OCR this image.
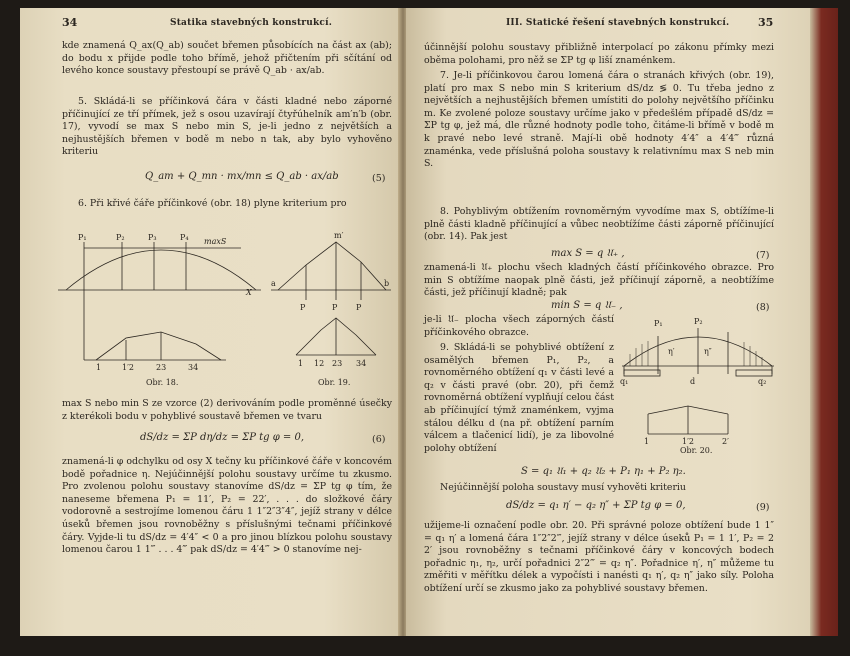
34	Statika stavebných konstrukcí.
kde znamená Q_ax(Q_ab) součet břemen působících na část ax (ab); do bodu x přijde podle toho břímě, jehož přičtením při sčítání od levého konce soustavy přestoupí se právě Q_ab · ax/ab.
5. Skládá-li se příčinková čára v části kladné nebo záporné příčinující ze tří přímek, jež s osou uzavírají čtyřúhelník am′n′b (obr. 17), vyvodí se max S nebo min S, je-li jedno z největších a nejhustějších břemen v bodě m nebo n tak, aby bylo vyhověno kriteriu
Q_am + Q_mn · mx/mn ≤ Q_ab · ax/ab	(5)
6. Při křivé čáře příčinkové (obr. 18) plyne kriterium pro
P₁	P₂	P₃	P₄ maxS
X
1	1′2	23	34
Obr. 18.
a
m′
b
P	P P
1 12 23 34
Obr. 19.
max S nebo min S ze vzorce (2) derivováním podle proměnné úsečky z kterékoli bodu v pohyblivé soustavě břemen ve tvaru
dS/dz = ΣP dη/dz = ΣP tg φ = 0,	(6)
znamená-li φ odchylku od osy X tečny ku příčinkové čáře v koncovém bodě pořadnice η. Nejúčinnější polohu soustavy určíme tu zkusmo. Pro zvolenou polohu soustavy stanovíme dS/dz = ΣP tg φ tím, že naneseme břemena P₁ = 11′, P₂ = 22′, . . . do složkové čáry vodorovně a sestrojíme lomenou čáru 1 1″2″3″4″, jejíž strany v délce úseků břemen jsou rovnoběžny s příslušnými tečnami příčinkové čáry. Vyjde-li tu dS/dz = 4′4″ < 0 a pro jinou blízkou polohu soustavy lomenou čarou 1 1‴ . . . 4‴ pak dS/dz = 4′4‴ > 0 stanovíme nej-
III. Statické řešení stavebných konstrukcí.	35
účinnější polohu soustavy přibližně interpolací po zákonu přímky mezi oběma polohami, pro něž se ΣP tg φ liší znaménkem.
7. Je-li příčinkovou čarou lomená čára o stranách křivých (obr. 19), platí pro max S nebo min S kriterium dS/dz ≶ 0. Tu třeba jedno z největších a nejhustějších břemen umístiti do polohy největšího příčinku m. Ke zvolené poloze soustavy určíme jako v předešlém případě dS/dz = ΣP tg φ, jež má, dle různé hodnoty podle toho, čitáme-li břímě v bodě m k pravé nebo levé straně. Mají-li obě hodnoty 4′4″ a 4′4‴ různá znaménka, vede příslušná poloha soustavy k relativnímu max S neb min S.
8. Pohyblivým obtížením rovnoměrným vyvodíme max S, obtížíme-li plně části kladně příčinující a vůbec neobtížíme části záporně příčinující (obr. 14). Pak jest
max S = q 𝔘₊ ,	(7)
znamená-li 𝔘₊ plochu všech kladných částí příčinkového obrazce. Pro min S obtížíme naopak plně části, jež příčinují záporně, a neobtížíme části, jež příčinují kladně; pak
min S = q 𝔘₋ ,	(8)
je-li 𝔘₋ plocha všech záporných částí příčinkového obrazce.
9. Skládá-li se pohyblivé obtížení z osamělých břemen P₁, P₂, a rovnoměrného obtížení q₁ v části levé a q₂ v části pravé (obr. 20), při čemž rovnoměrná obtížení vyplňují celou část ab příčinující týmž znaménkem, vyjma stálou délku d (na př. obtížení parním válcem a tlačenicí lidí), je za libovolné polohy obtížení
q₁	d	q₂
P₁	P₂
η′	η″
1	1′2	2′
Obr. 20.
S = q₁ 𝔘₁ + q₂ 𝔘₂ + P₁ η₁ + P₂ η₂.
Nejúčinnější poloha soustavy musí vyhověti kriteriu
dS/dz = q₁ η′ − q₂ η″ + ΣP tg φ = 0,	(9)
užijeme-li označení podle obr. 20. Při správné poloze obtížení bude 1 1″ = q₁ η′ a lomená čára 1″2″2‴, jejíž strany v délce úseků P₁ = 1 1′, P₂ = 2 2′ jsou rovnoběžny s tečnami příčinkové čáry v koncových bodech pořadnic η₁, η₂, určí pořadnici 2″2‴ = q₂ η″. Pořadnice η′, η″ můžeme tu změřiti v měřítku délek a vypočísti i nanésti q₁ η′, q₂ η″ jako síly. Poloha obtížení určí se zkusmo jako za pohyblivé soustavy břemen.
